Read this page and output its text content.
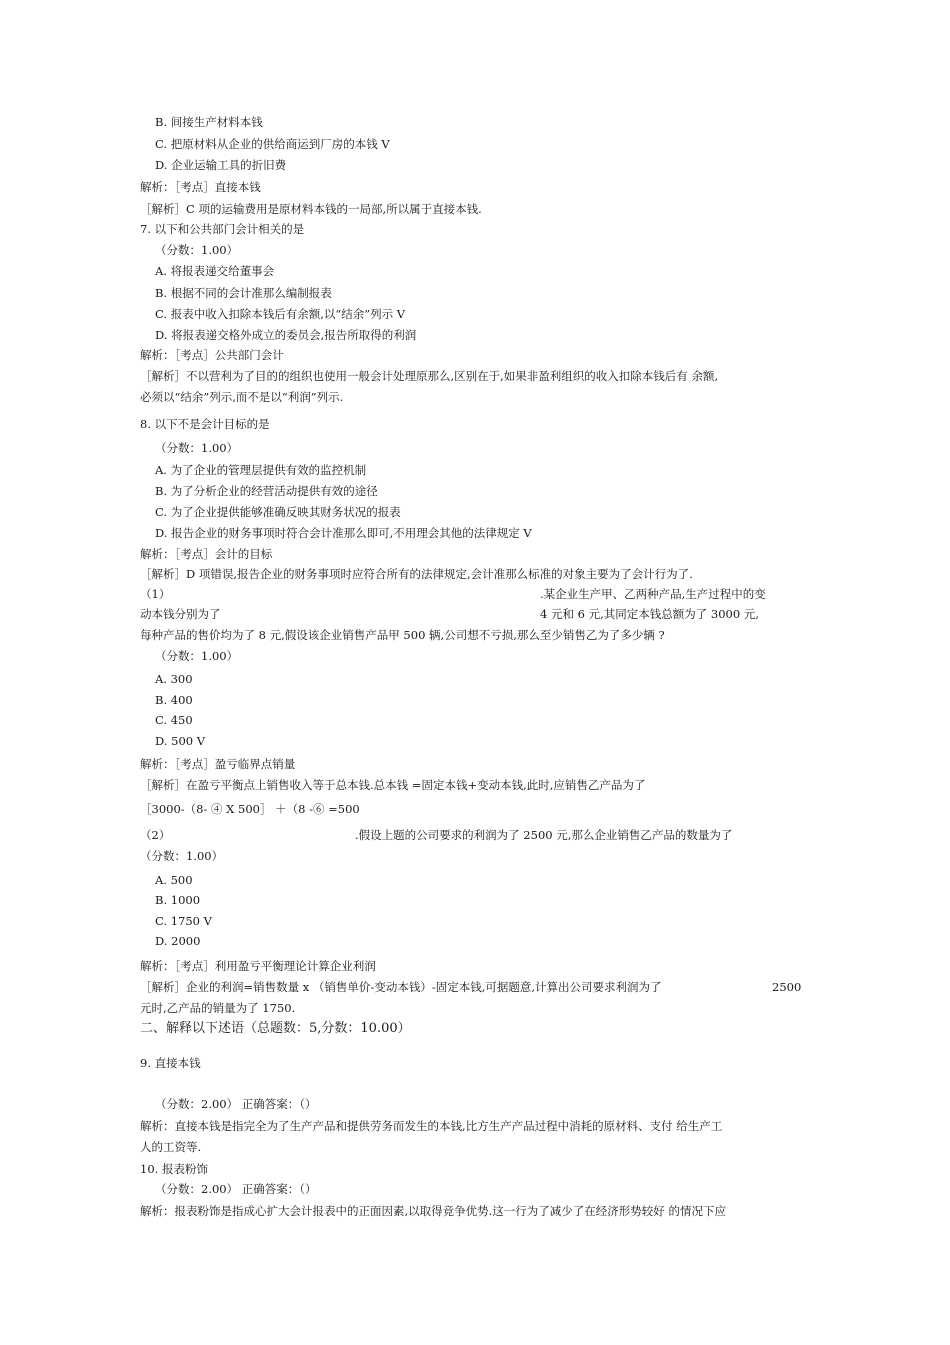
B. 间接生产材料本钱
C. 把原材料从企业的供给商运到厂房的本钱 V
D. 企业运输工具的折旧费
解析：［考点］直接本钱
［解析］C 项的运输费用是原材料本钱的一局部,所以属于直接本钱.
7. 以下和公共部门会计相关的是
（分数：1.00）
A. 将报表递交给董事会
B. 根据不同的会计准那么编制报表
C. 报表中收入扣除本钱后有余额,以“结余”列示 V
D. 将报表递交格外成立的委员会,报告所取得的利润
解析：［考点］公共部门会计
［解析］不以营利为了目的的组织也使用一般会计处理原那么,区别在于,如果非盈利组织的收入扣除本钱后有 余额,
必须以“结余”列示,而不是以“利润”列示.
8. 以下不是会计目标的是
（分数：1.00）
A. 为了企业的管理层提供有效的监控机制
B. 为了分析企业的经营活动提供有效的途径
C. 为了企业提供能够准确反映其财务状况的报表
D. 报告企业的财务事项时符合会计准那么即可,不用理会其他的法律规定 V
解析：［考点］会计的目标
［解析］D 项错误,报告企业的财务事项时应符合所有的法律规定,会计准那么标准的对象主要为了会计行为了.
（1）	.某企业生产甲、乙两种产品,生产过程中的变
动本钱分别为了	4 元和 6 元,其同定本钱总额为了 3000 元,
每种产品的售价均为了 8 元,假设该企业销售产品甲 500 辆,公司想不亏损,那么至少销售乙为了多少辆 ?
（分数：1.00）
A. 300
B. 400
C. 450
D. 500 V
解析：［考点］盈亏临界点销量
［解析］在盈亏平衡点上销售收入等于总本钱.总本钱 =固定本钱+变动本钱,此时,应销售乙产品为了
［3000-（8- ④ X 500］ ＋（8 -⑥ =500
（2）	.假设上题的公司要求的利润为了 2500 元,那么企业销售乙产品的数量为了
（分数：1.00）
A. 500
B. 1000
C. 1750 V
D. 2000
解析：［考点］利用盈亏平衡理论计算企业利润
［解析］企业的利润=销售数量 x （销售单价-变动本钱）-固定本钱,可据题意,计算出公司要求利润为了	2500
元时,乙产品的销量为了 1750.
二、解释以下述语（总题数：5,分数：10.00）
9. 直接本钱
（分数：2.00） 正确答案：（）
解析：直接本钱是指完全为了生产产品和提供劳务而发生的本钱,比方生产产品过程中消耗的原材料、支付 给生产工
人的工资等.
10. 报表粉饰
（分数：2.00） 正确答案：（）
解析：报表粉饰是指成心扩大会计报表中的正面因素,以取得竞争优势.这一行为了减少了在经济形势较好 的情况下应
